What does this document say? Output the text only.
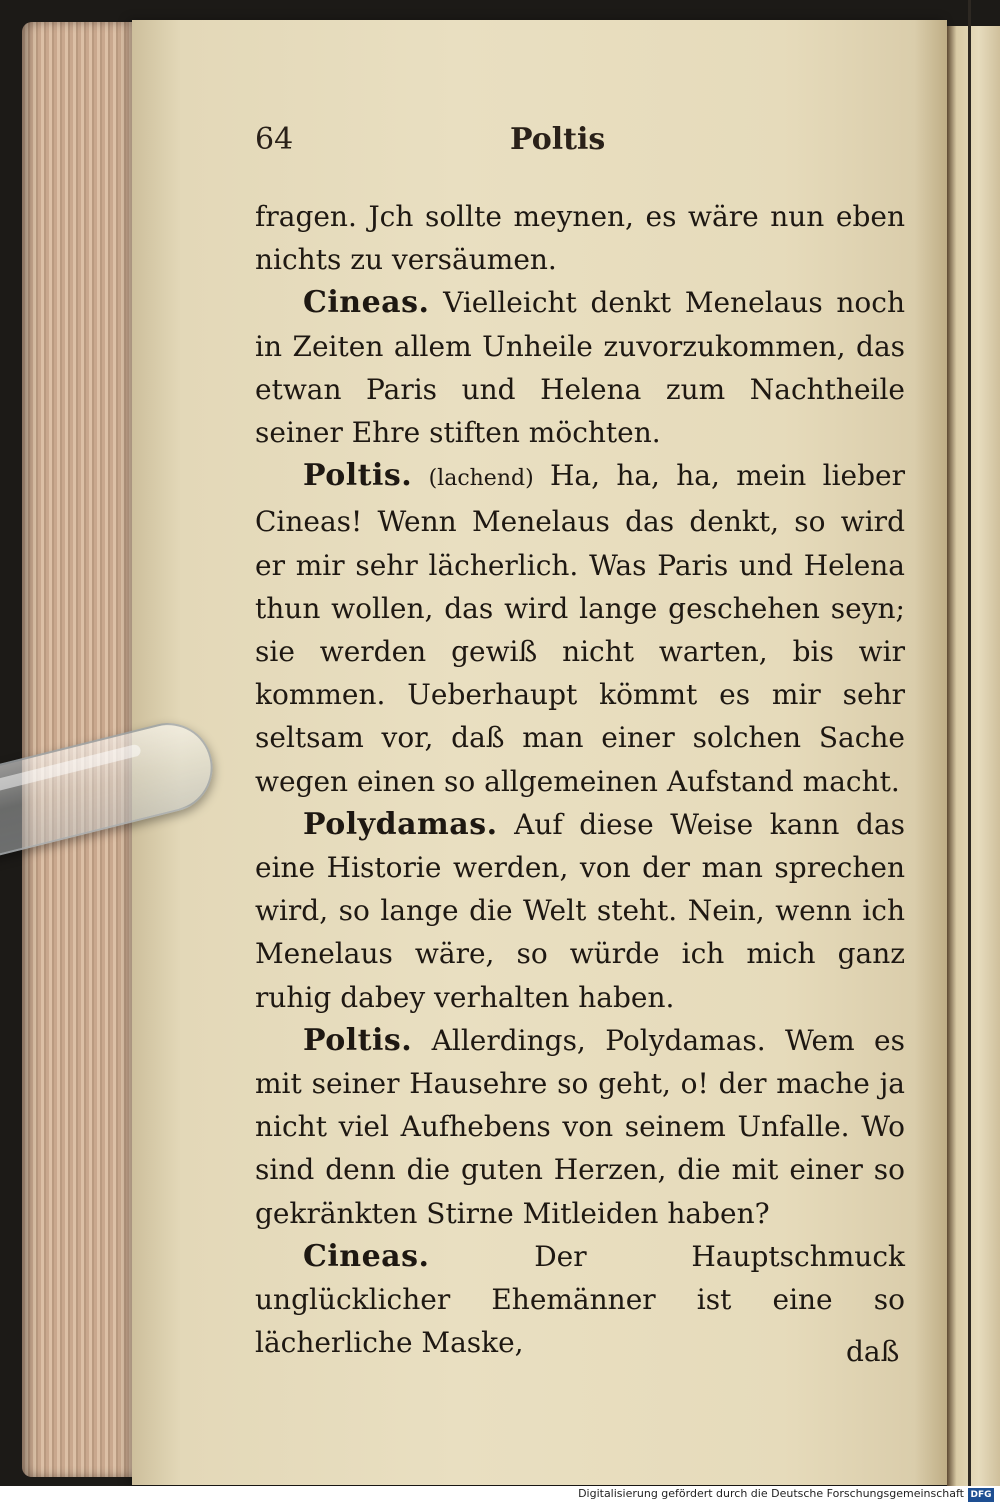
64	Poltis

fragen. Jch sollte meynen, es wäre nun eben nichts zu versäumen.

Cineas. Vielleicht denkt Menelaus noch in Zeiten allem Unheile zuvorzukommen, das etwan Paris und Helena zum Nachtheile seiner Ehre stiften möchten.

Poltis. (lachend) Ha, ha, ha, mein lieber Cineas! Wenn Menelaus das denkt, so wird er mir sehr lächerlich. Was Paris und Helena thun wollen, das wird lange geschehen seyn; sie werden gewiß nicht warten, bis wir kommen. Ueberhaupt kömmt es mir sehr seltsam vor, daß man einer solchen Sache wegen einen so allgemeinen Aufstand macht.

Polydamas. Auf diese Weise kann das eine Historie werden, von der man sprechen wird, so lange die Welt steht. Nein, wenn ich Menelaus wäre, so würde ich mich ganz ruhig dabey verhalten haben.

Poltis. Allerdings, Polydamas. Wem es mit seiner Hausehre so geht, o! der mache ja nicht viel Aufhebens von seinem Unfalle. Wo sind denn die guten Herzen, die mit einer so gekränkten Stirne Mitleiden haben?

Cineas.	Der Hauptschmuck unglücklicher Ehemänner ist eine so lächerliche Maske,	daß
Digitalisierung gefördert durch die Deutsche Forschungsgemeinschaft DFG
